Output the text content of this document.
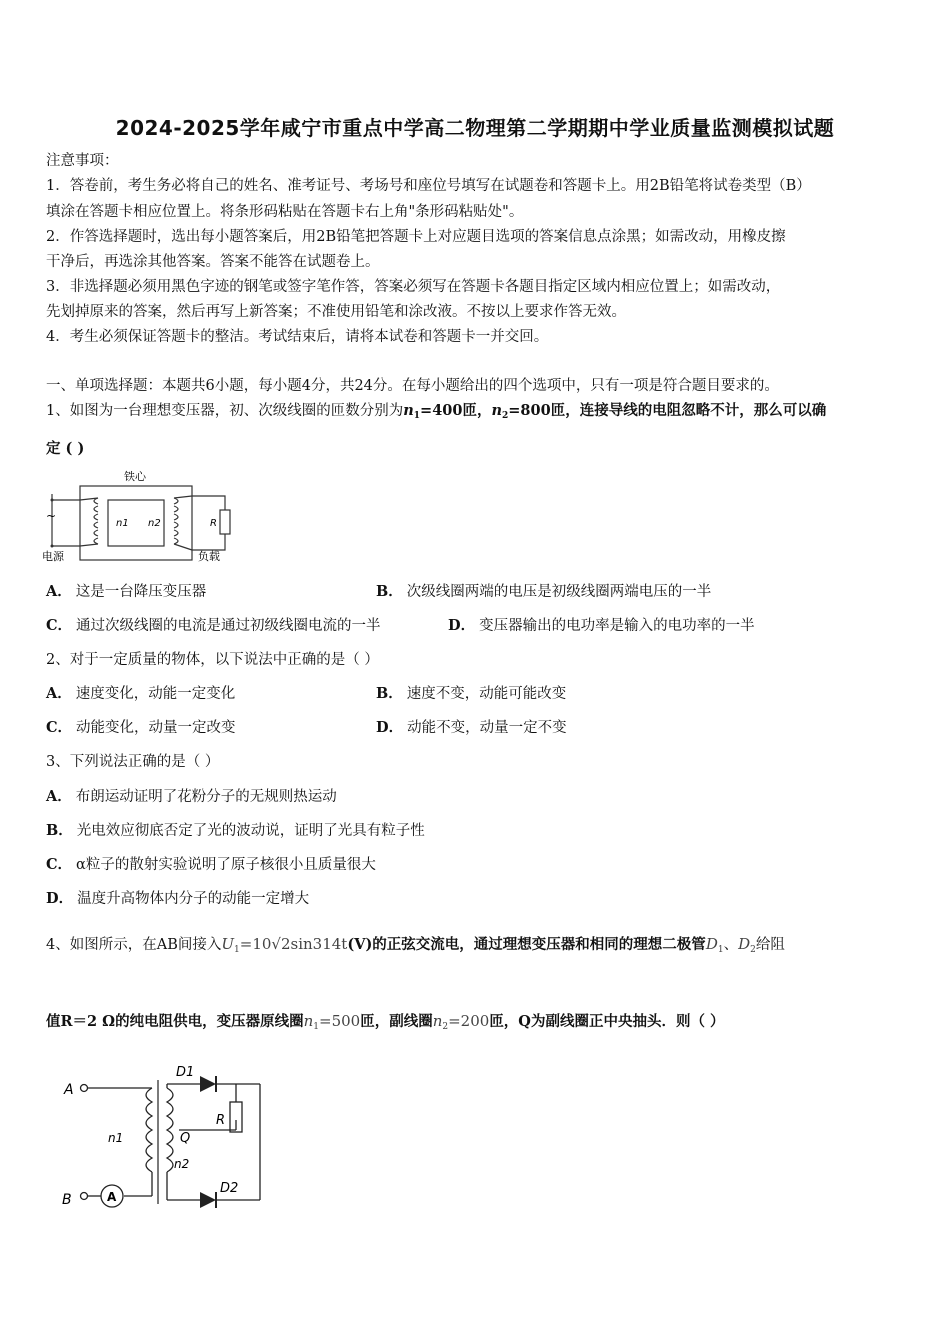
2024-2025学年咸宁市重点中学高二物理第二学期期中学业质量监测模拟试题
注意事项：
1．答卷前，考生务必将自己的姓名、准考证号、考场号和座位号填写在试题卷和答题卡上。用2B铅笔将试卷类型（B）
填涂在答题卡相应位置上。将条形码粘贴在答题卡右上角"条形码粘贴处"。
2．作答选择题时，选出每小题答案后，用2B铅笔把答题卡上对应题目选项的答案信息点涂黑；如需改动，用橡皮擦
干净后，再选涂其他答案。答案不能答在试题卷上。
3．非选择题必须用黑色字迹的钢笔或签字笔作答，答案必须写在答题卡各题目指定区域内相应位置上；如需改动，
先划掉原来的答案，然后再写上新答案；不准使用铅笔和涂改液。不按以上要求作答无效。
4．考生必须保证答题卡的整洁。考试结束后，请将本试卷和答题卡一并交回。
一、单项选择题：本题共6小题，每小题4分，共24分。在每小题给出的四个选项中，只有一项是符合题目要求的。
1、如图为一台理想变压器，初、次级线圈的匝数分别为$n_1=400$匝，$n_2=800$匝，连接导线的电阻忽略不计，那么可以确
定 ( )
铁心
~
电源	负载
n1 n2	R
A． 这是一台降压变压器	B． 次级线圈两端的电压是初级线圈两端电压的一半
C． 通过次级线圈的电流是通过初级线圈电流的一半	D． 变压器输出的电功率是输入的电功率的一半
2、对于一定质量的物体，以下说法中正确的是（ ）
A． 速度变化，动能一定变化	B． 速度不变，动能可能改变
C． 动能变化，动量一定改变	D． 动能不变，动量一定不变
3、下列说法正确的是（ ）
A． 布朗运动证明了花粉分子的无规则热运动
B． 光电效应彻底否定了光的波动说，证明了光具有粒子性
C． α粒子的散射实验说明了原子核很小且质量很大
D． 温度升高物体内分子的动能一定增大
4、如图所示，在AB间接入$U_1=10√2\sin 314t(V)$的正弦交流电，通过理想变压器和相同的理想二极管$D_1$、$D_2$给阻
值R＝2 Ω的纯电阻供电，变压器原线圈$n_1=500$匝，副线圈$n_2=200$匝，Q为副线圈正中央抽头．则（ ）
A
B
D1
D2
R
Q
n1
n2
A
